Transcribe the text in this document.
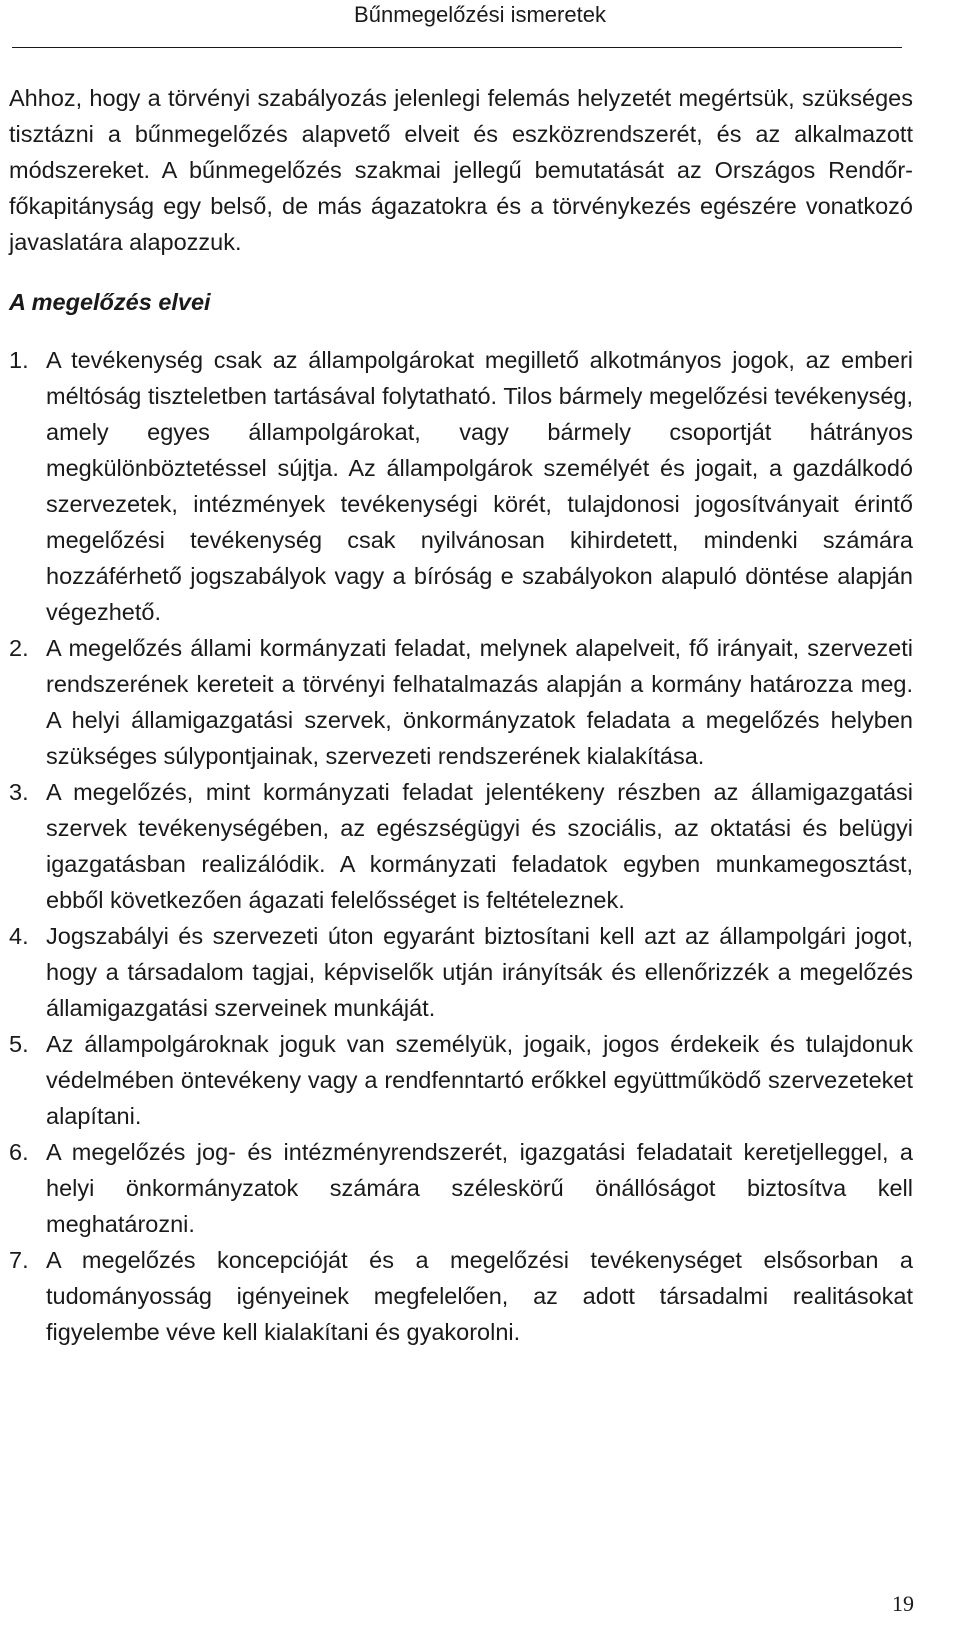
Bűnmegelőzési ismeretek

Ahhoz, hogy a törvényi szabályozás jelenlegi felemás helyzetét megértsük, szükséges tisztázni a bűnmegelőzés alapvető elveit és eszközrendszerét, és az alkalmazott módszereket. A bűnmegelőzés szakmai jellegű bemutatását az Országos Rendőr-főkapitányság egy belső, de más ágazatokra és a törvénykezés egészére vonatkozó javaslatára alapozzuk.

A megelőzés elvei

1. A tevékenység csak az állampolgárokat megillető alkotmányos jogok, az emberi méltóság tiszteletben tartásával folytatható. Tilos bármely megelőzési tevékenység, amely egyes állampolgárokat, vagy bármely csoportját hátrányos megkülönböztetéssel sújtja. Az állampolgárok személyét és jogait, a gazdálkodó szervezetek, intézmények tevékenységi körét, tulajdonosi jogosítványait érintő megelőzési tevékenység csak nyilvánosan kihirdetett, mindenki számára hozzáférhető jogszabályok vagy a bíróság e szabályokon alapuló döntése alapján végezhető.
2. A megelőzés állami kormányzati feladat, melynek alapelveit, fő irányait, szervezeti rendszerének kereteit a törvényi felhatalmazás alapján a kormány határozza meg. A helyi államigazgatási szervek, önkormányzatok feladata a megelőzés helyben szükséges súlypontjainak, szervezeti rendszerének kialakítása.
3. A megelőzés, mint kormányzati feladat jelentékeny részben az államigazgatási szervek tevékenységében, az egészségügyi és szociális, az oktatási és belügyi igazgatásban realizálódik. A kormányzati feladatok egyben munkamegosztást, ebből következően ágazati felelősséget is feltételeznek.
4. Jogszabályi és szervezeti úton egyaránt biztosítani kell azt az állampolgári jogot, hogy a társadalom tagjai, képviselők utján irányítsák és ellenőrizzék a megelőzés államigazgatási szerveinek munkáját.
5. Az állampolgároknak joguk van személyük, jogaik, jogos érdekeik és tulajdonuk védelmében öntevékeny vagy a rendfenntartó erőkkel együttműködő szervezeteket alapítani.
6. A megelőzés jog- és intézményrendszerét, igazgatási feladatait keretjelleggel, a helyi önkormányzatok számára széleskörű önállóságot biztosítva kell meghatározni.
7. A megelőzés koncepcióját és a megelőzési tevékenységet elsősorban a tudományosság igényeinek megfelelően, az adott társadalmi realitásokat figyelembe véve kell kialakítani és gyakorolni.
19
